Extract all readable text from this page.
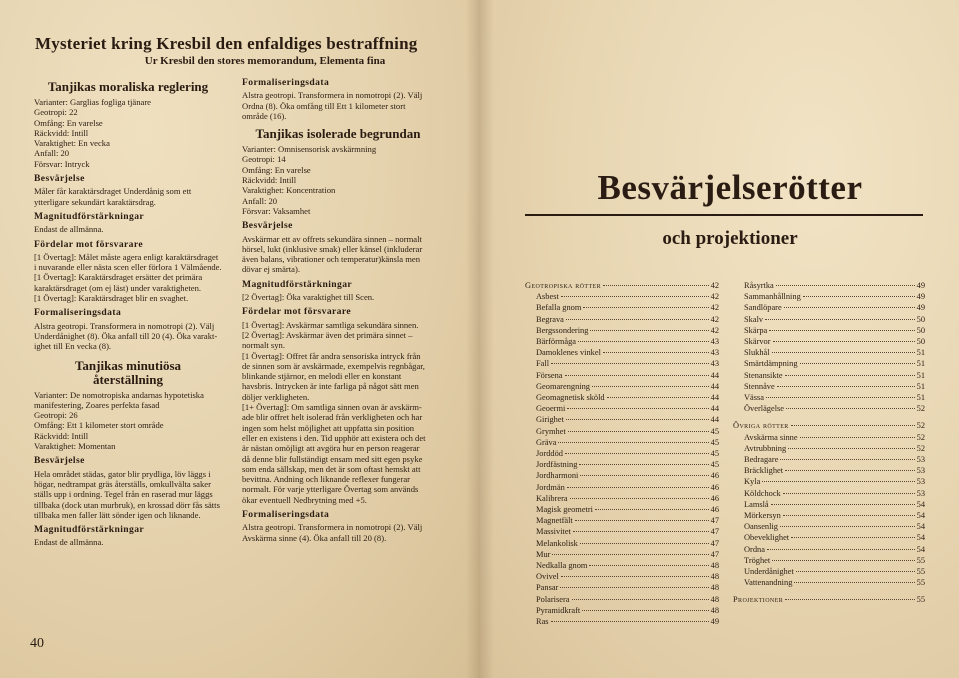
Mysteriet kring Kresbil den enfaldiges bestraffning
Ur Kresbil den stores memorandum, Elementa fina
Tanjikas moraliska reglering
Varianter: Garglias fogliga tjänare
Geotropi: 22
Omfång: En varelse
Räckvidd: Intill
Varaktighet: En vecka
Anfall: 20
Försvar: Intryck
Besvärjelse
Måler får karaktärsdraget Underdånig som ett
ytterligare sekundärt karaktärsdrag.
Magnitudförstärkningar
Endast de allmänna.
Fördelar mot försvarare
[1 Övertag]: Målet måste agera enligt karaktärsdraget
i nuvarande eller nästa scen eller förlora 1 Välmående.
[1 Övertag]: Karaktärsdraget ersätter det primära
karaktärsdraget (om ej läst) under varaktigheten.
[1 Övertag]: Karaktärsdraget blir en svaghet.
Formaliseringsdata
Alstra geotropi. Transformera in nomotropi (2). Välj
Underdånighet (8). Öka anfall till 20 (4). Öka varakt-
ighet till En vecka (8).
Tanjikas minutiösa
återställning
Varianter: De nomotropiska andarnas hypotetiska
manifestering, Zoares perfekta fasad
Geotropi: 26
Omfång: Ett 1 kilometer stort område
Räckvidd: Intill
Varaktighet: Momentan
Besvärjelse
Hela området städas, gator blir prydliga, löv läggs i
högar, nedtrampat gräs återställs, omkullvälta saker
ställs upp i ordning. Tegel från en raserad mur läggs
tillbaka (dock utan murbruk), en krossad dörr fås sätts
tillbaka men faller lätt sönder igen och liknande.
Magnitudförstärkningar
Endast de allmänna.
Formaliseringsdata
Alstra geotropi. Transformera in nomotropi (2). Välj
Ordna (8). Öka omfång till Ett 1 kilometer stort
område (16).
Tanjikas isolerade begrundan
Varianter: Omnisensorisk avskärmning
Geotropi: 14
Omfång: En varelse
Räckvidd: Intill
Varaktighet: Koncentration
Anfall: 20
Försvar: Vaksamhet
Besvärjelse
Avskärmar ett av offrets sekundära sinnen – normalt
hörsel, lukt (inklusive smak) eller känsel (inkluderar
även balans, vibrationer och temperatur)känsla men
dövar ej smärta).
Magnitudförstärkningar
[2 Övertag]: Öka varaktighet till Scen.
Fördelar mot försvarare
[1 Övertag]: Avskärmar samtliga sekundära sinnen.
[2 Övertag]: Avskärmar även det primära sinnet –
normalt syn.
[1 Övertag]: Offret får andra sensoriska intryck från
de sinnen som är avskärmade, exempelvis regnbågar,
blinkande stjärnor, en melodi eller en konstant
havsbris. Intrycken är inte farliga på något sätt men
döljer verkligheten.
[1+ Övertag]: Om samtliga sinnen ovan är avskärm-
ade blir offret helt isolerad från verkligheten och har
ingen som helst möjlighet att uppfatta sin position
eller en existens i den. Tid upphör att existera och det
är nästan omöjligt att avgöra hur en person reagerar
då denne blir fullständigt ensam med sitt egen psyke
som enda sällskap, men det är som oftast hemskt att
bevittna. Andning och liknande reflexer fungerar
normalt. För varje ytterligare Övertag som används
ökar eventuell Nedbrytning med +5.
Formaliseringsdata
Alstra geotropi. Transformera in nomotropi (2). Välj
Avskärma sinne (4). Öka anfall till 20 (8).
40
Besvärjelserötter
och projektioner
Geotropiska rötter	42
Asbest	42
Befalla gnom	42
Begrava	42
Bergssondering	42
Bärförmåga	43
Damoklenes vinkel	43
Fall	43
Försena	44
Geomarengning	44
Geomagnetisk sköld	44
Geoermi	44
Girighet	44
Grymhet	45
Gräva	45
Jorddöd	45
Jordfästning	45
Jordharmoni	46
Jordmän	46
Kalibrera	46
Magisk geometri	46
Magnetfält	47
Massivitet	47
Melankolisk	47
Mur	47
Nedkalla gnom	48
Ovivel	48
Pansar	48
Polarisera	48
Pyramidkraft	48
Ras	49
Råsyrtka	49
Sammanhållning	49
Sandlöpare	49
Skalv	50
Skärpa	50
Skärvor	50
Slukhål	51
Smärtdämpning	51
Stenansikte	51
Stennåve	51
Vässa	51
Överlägelse	52
Övriga rötter	52
Avskärma sinne	52
Avtrubbning	52
Bedragare	53
Bräcklighet	53
Kyla	53
Köldchock	53
Lamslå	54
Mörkersyn	54
Oansenlig	54
Obeveklighet	54
Ordna	54
Tröghet	55
Underdånighet	55
Vattenandning	55
Projektioner	55
